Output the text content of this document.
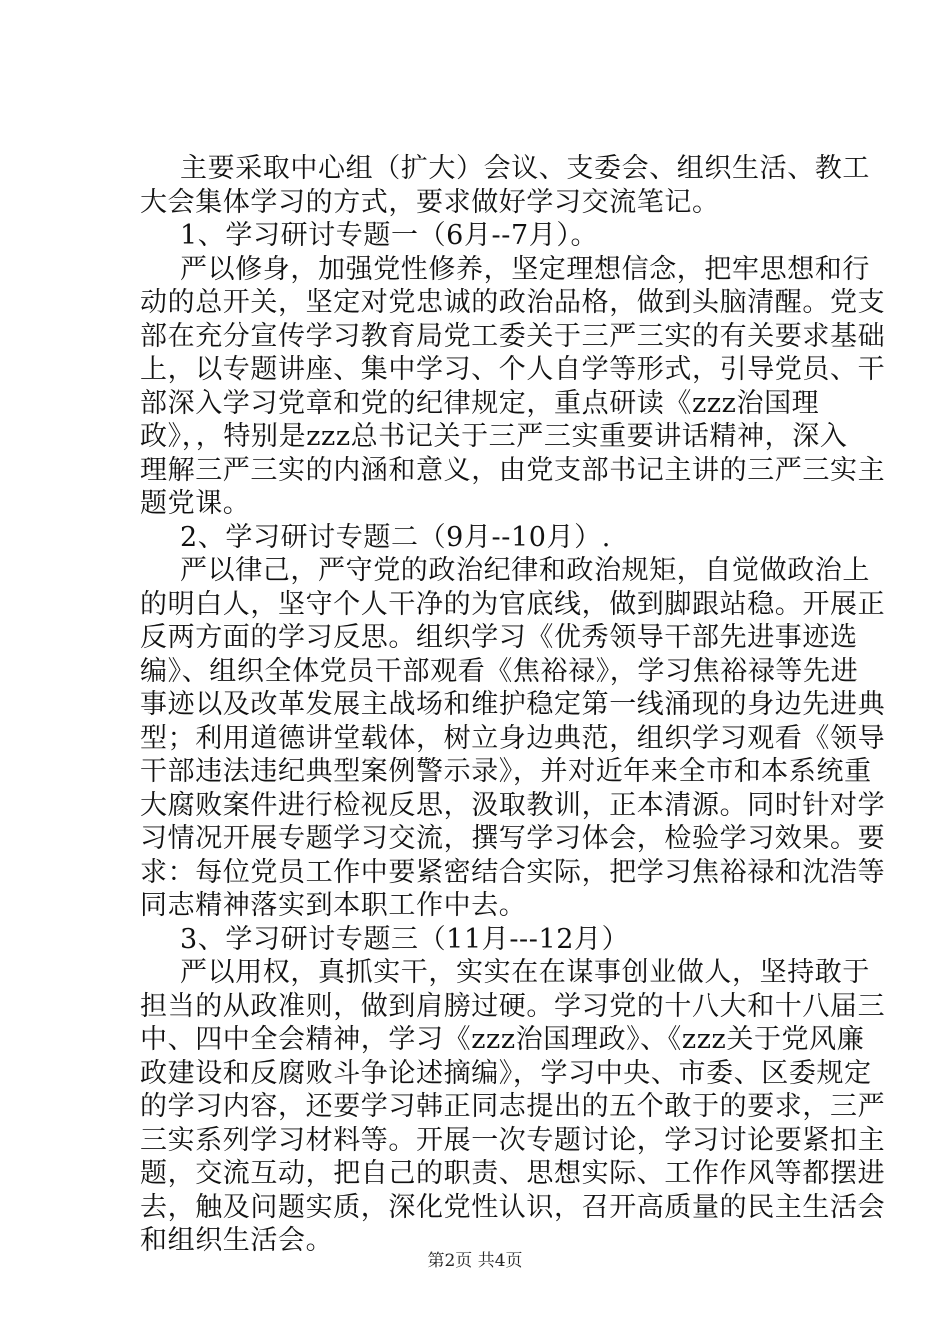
主要采取中心组（扩大）会议、支委会、组织生活、教工
大会集体学习的方式，要求做好学习交流笔记。
1、学习研讨专题一（6月--7月）。
严以修身，加强党性修养，坚定理想信念，把牢思想和行
动的总开关，坚定对党忠诚的政治品格，做到头脑清醒。党支
部在充分宣传学习教育局党工委关于三严三实的有关要求基础
上，以专题讲座、集中学习、个人自学等形式，引导党员、干
部深入学习党章和党的纪律规定，重点研读《zzz治国理
政》，，特别是zzz总书记关于三严三实重要讲话精神，深入
理解三严三实的内涵和意义，由党支部书记主讲的三严三实主
题党课。
2、学习研讨专题二（9月--10月）.
严以律己，严守党的政治纪律和政治规矩，自觉做政治上
的明白人，坚守个人干净的为官底线，做到脚跟站稳。开展正
反两方面的学习反思。组织学习《优秀领导干部先进事迹选
编》、组织全体党员干部观看《焦裕禄》，学习焦裕禄等先进
事迹以及改革发展主战场和维护稳定第一线涌现的身边先进典
型；利用道德讲堂载体，树立身边典范，组织学习观看《领导
干部违法违纪典型案例警示录》，并对近年来全市和本系统重
大腐败案件进行检视反思，汲取教训，正本清源。同时针对学
习情况开展专题学习交流，撰写学习体会，检验学习效果。要
求：每位党员工作中要紧密结合实际，把学习焦裕禄和沈浩等
同志精神落实到本职工作中去。
3、学习研讨专题三（11月---12月）
严以用权，真抓实干，实实在在谋事创业做人，坚持敢于
担当的从政准则，做到肩膀过硬。学习党的十八大和十八届三
中、四中全会精神，学习《zzz治国理政》、《zzz关于党风廉
政建设和反腐败斗争论述摘编》，学习中央、市委、区委规定
的学习内容，还要学习韩正同志提出的五个敢于的要求，三严
三实系列学习材料等。开展一次专题讨论，学习讨论要紧扣主
题，交流互动，把自己的职责、思想实际、工作作风等都摆进
去，触及问题实质，深化党性认识，召开高质量的民主生活会
和组织生活会。
第2页 共4页
